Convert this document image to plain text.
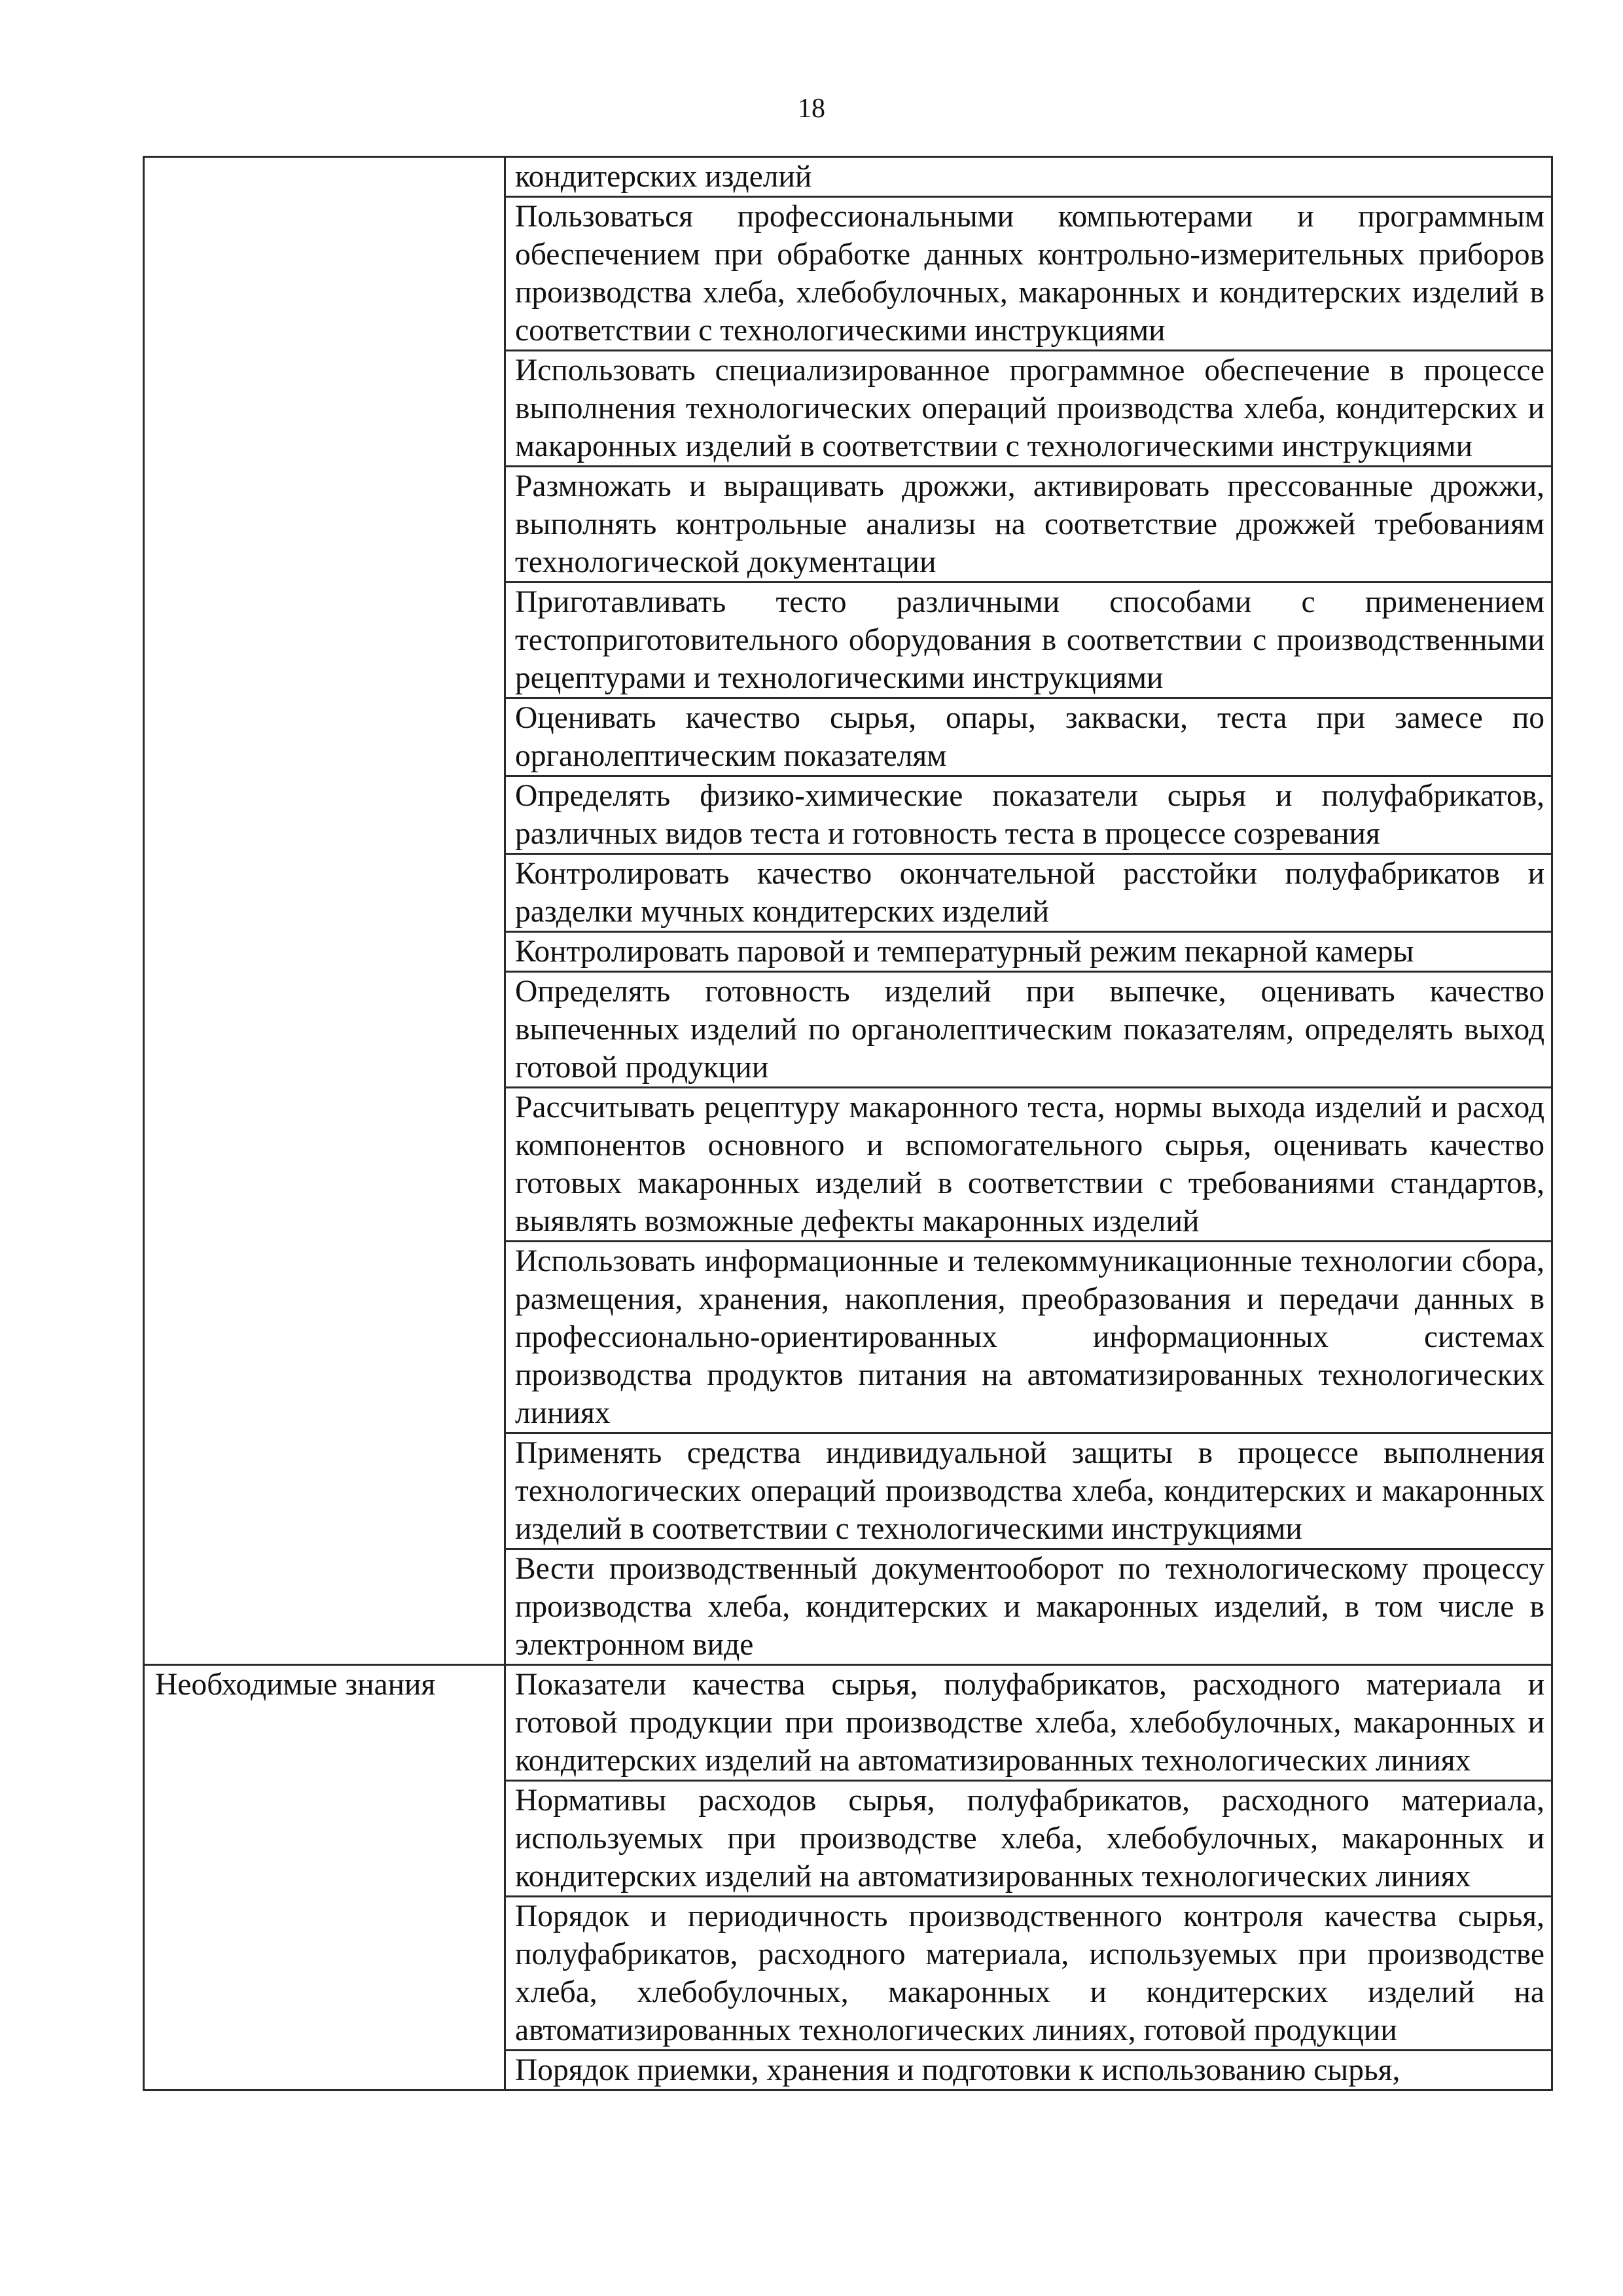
18
	кондитерских изделий
	Пользоваться профессиональными компьютерами и программным обеспечением при обработке данных контрольно-измерительных приборов производства хлеба, хлебобулочных, макаронных и кондитерских изделий в соответствии с технологическими инструкциями
	Использовать специализированное программное обеспечение в процессе выполнения технологических операций производства хлеба, кондитерских и макаронных изделий в соответствии с технологическими инструкциями
	Размножать и выращивать дрожжи, активировать прессованные дрожжи, выполнять контрольные анализы на соответствие дрожжей требованиям технологической документации
	Приготавливать тесто различными способами с применением тестоприготовительного оборудования в соответствии с производственными рецептурами и технологическими инструкциями
	Оценивать качество сырья, опары, закваски, теста при замесе по органолептическим показателям
	Определять физико-химические показатели сырья и полуфабрикатов, различных видов теста и готовность теста в процессе созревания
	Контролировать качество окончательной расстойки полуфабрикатов и разделки мучных кондитерских изделий
	Контролировать паровой и температурный режим пекарной камеры
	Определять готовность изделий при выпечке, оценивать качество выпеченных изделий по органолептическим показателям, определять выход готовой продукции
	Рассчитывать рецептуру макаронного теста, нормы выхода изделий и расход компонентов основного и вспомогательного сырья, оценивать качество готовых макаронных изделий в соответствии с требованиями стандартов, выявлять возможные дефекты макаронных изделий
	Использовать информационные и телекоммуникационные технологии сбора, размещения, хранения, накопления, преобразования и передачи данных в профессионально-ориентированных информационных системах производства продуктов питания на автоматизированных технологических линиях
	Применять средства индивидуальной защиты в процессе выполнения технологических операций производства хлеба, кондитерских и макаронных изделий в соответствии с технологическими инструкциями
	Вести производственный документооборот по технологическому процессу производства хлеба, кондитерских и макаронных изделий, в том числе в электронном виде
Необходимые знания	Показатели качества сырья, полуфабрикатов, расходного материала и готовой продукции при производстве хлеба, хлебобулочных, макаронных и кондитерских изделий на автоматизированных технологических линиях
	Нормативы расходов сырья, полуфабрикатов, расходного материала, используемых при производстве хлеба, хлебобулочных, макаронных и кондитерских изделий на автоматизированных технологических линиях
	Порядок и периодичность производственного контроля качества сырья, полуфабрикатов, расходного материала, используемых при производстве хлеба, хлебобулочных, макаронных и кондитерских изделий на автоматизированных технологических линиях, готовой продукции
	Порядок приемки, хранения и подготовки к использованию сырья,
